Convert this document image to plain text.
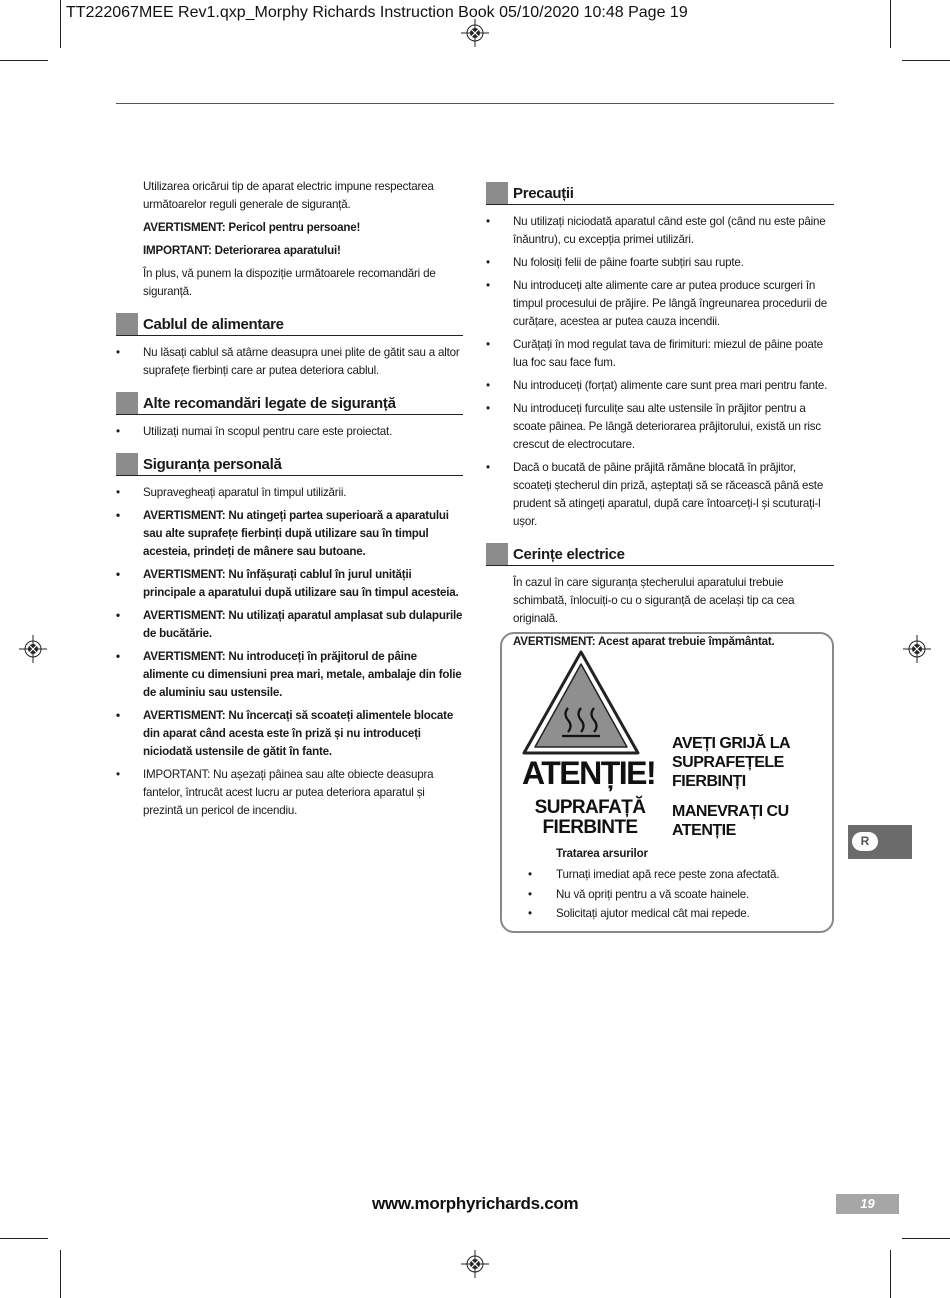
TT222067MEE Rev1.qxp_Morphy Richards Instruction Book 05/10/2020 10:48 Page 19

Utilizarea oricărui tip de aparat electric impune respectarea următoarelor reguli generale de siguranță.

AVERTISMENT: Pericol pentru persoane!

IMPORTANT: Deteriorarea aparatului!

În plus, vă punem la dispoziție următoarele recomandări de siguranță.

Cablul de alimentare
• Nu lăsați cablul să atârne deasupra unei plite de gătit sau a altor suprafețe fierbinți care ar putea deteriora cablul.
Alte recomandări legate de siguranță
• Utilizați numai în scopul pentru care este proiectat.
Siguranța personală
• Supravegheați aparatul în timpul utilizării.
• AVERTISMENT: Nu atingeți partea superioară a aparatului sau alte suprafețe fierbinți după utilizare sau în timpul acesteia, prindeți de mânere sau butoane.
• AVERTISMENT: Nu înfășurați cablul în jurul unității principale a aparatului după utilizare sau în timpul acesteia.
• AVERTISMENT: Nu utilizați aparatul amplasat sub dulapurile de bucătărie.
• AVERTISMENT: Nu introduceți în prăjitorul de pâine alimente cu dimensiuni prea mari, metale, ambalaje din folie de aluminiu sau ustensile.
• AVERTISMENT: Nu încercați să scoateți alimentele blocate din aparat când acesta este în priză și nu introduceți niciodată ustensile de gătit în fante.
• IMPORTANT: Nu așezați pâinea sau alte obiecte deasupra fantelor, întrucât acest lucru ar putea deteriora aparatul și prezintă un pericol de incendiu.
Precauții
• Nu utilizați niciodată aparatul când este gol (când nu este pâine înăuntru), cu excepția primei utilizări.
• Nu folosiți felii de pâine foarte subțiri sau rupte.
• Nu introduceți alte alimente care ar putea produce scurgeri în timpul procesului de prăjire. Pe lângă îngreunarea procedurii de curățare, acestea ar putea cauza incendii.
• Curățați în mod regulat tava de firimituri: miezul de pâine poate lua foc sau face fum.
• Nu introduceți (forțat) alimente care sunt prea mari pentru fante.
• Nu introduceți furculițe sau alte ustensile în prăjitor pentru a scoate pâinea. Pe lângă deteriorarea prăjitorului, există un risc crescut de electrocutare.
• Dacă o bucată de pâine prăjită rămâne blocată în prăjitor, scoateți ștecherul din priză, așteptați să se răcească până este prudent să atingeți aparatul, după care întoarceți-l și scuturați-l ușor.
Cerințe electrice

În cazul în care siguranța ștecherului aparatului trebuie schimbată, înlocuiți-o cu o siguranță de același tip ca cea originală.

AVERTISMENT: Acest aparat trebuie împământat.

ATENȚIE!
SUPRAFAȚĂ FIERBINTE
AVEȚI GRIJĂ LA SUPRAFEȚELE FIERBINȚI
MANEVRAȚI CU ATENȚIE
Tratarea arsurilor
• Turnați imediat apă rece peste zona afectată.
• Nu vă opriți pentru a vă scoate hainele.
• Solicitați ajutor medical cât mai repede.
R
www.morphyrichards.com	19
